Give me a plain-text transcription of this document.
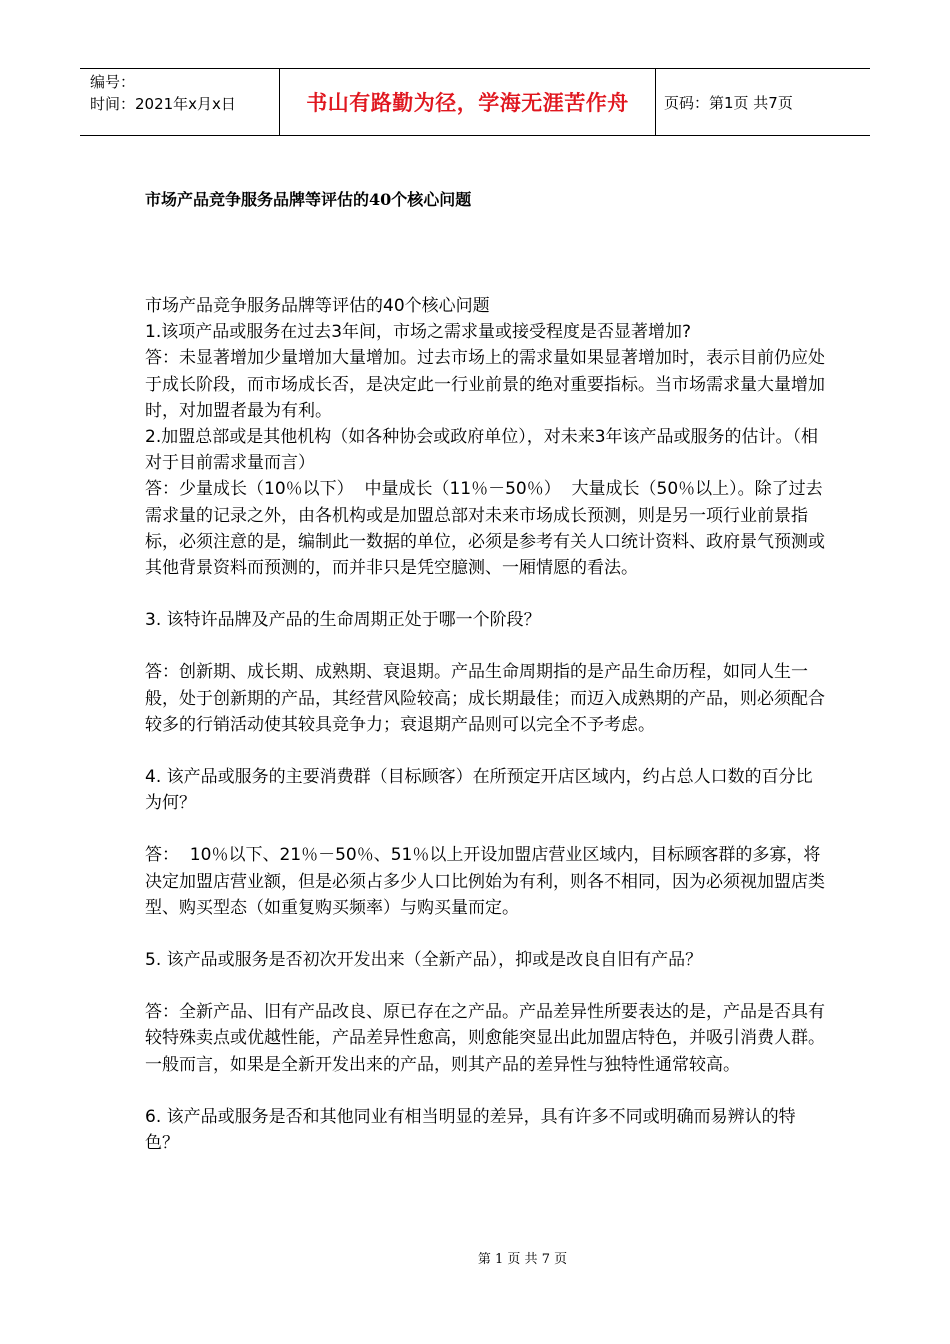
编号：
时间：2021年x月x日	书山有路勤为径，学海无涯苦作舟	页码：第1页 共7页
市场产品竞争服务品牌等评估的40个核心问题

市场产品竞争服务品牌等评估的40个核心问题

1.该项产品或服务在过去3年间，市场之需求量或接受程度是否显著增加?

答：未显著增加少量增加大量增加。过去市场上的需求量如果显著增加时，表示目前仍应处于成长阶段，而市场成长否，是决定此一行业前景的绝对重要指标。当市场需求量大量增加时，对加盟者最为有利。

2.加盟总部或是其他机构（如各种协会或政府单位），对未来3年该产品或服务的估计。（相对于目前需求量而言）

答：少量成长（10％以下）  中量成长（11％－50％）  大量成长（50％以上）。除了过去需求量的记录之外，由各机构或是加盟总部对未来市场成长预测，则是另一项行业前景指标，必须注意的是，编制此一数据的单位，必须是参考有关人口统计资料、政府景气预测或其他背景资料而预测的，而并非只是凭空臆测、一厢情愿的看法。

3. 该特许品牌及产品的生命周期正处于哪一个阶段？

答：创新期、成长期、成熟期、衰退期。产品生命周期指的是产品生命历程，如同人生一般，处于创新期的产品，其经营风险较高；成长期最佳；而迈入成熟期的产品，则必须配合较多的行销活动使其较具竞争力；衰退期产品则可以完全不予考虑。

4. 该产品或服务的主要消费群（目标顾客）在所预定开店区域内，约占总人口数的百分比为何？

答：  10％以下、21％－50％、51％以上开设加盟店营业区域内，目标顾客群的多寡，将决定加盟店营业额，但是必须占多少人口比例始为有利，则各不相同，因为必须视加盟店类型、购买型态（如重复购买频率）与购买量而定。

5. 该产品或服务是否初次开发出来（全新产品），抑或是改良自旧有产品？

答：全新产品、旧有产品改良、原已存在之产品。产品差异性所要表达的是，产品是否具有较特殊卖点或优越性能，产品差异性愈高，则愈能突显出此加盟店特色，并吸引消费人群。一般而言，如果是全新开发出来的产品，则其产品的差异性与独特性通常较高。

6. 该产品或服务是否和其他同业有相当明显的差异，具有许多不同或明确而易辨认的特色？

第 1 页 共 7 页
